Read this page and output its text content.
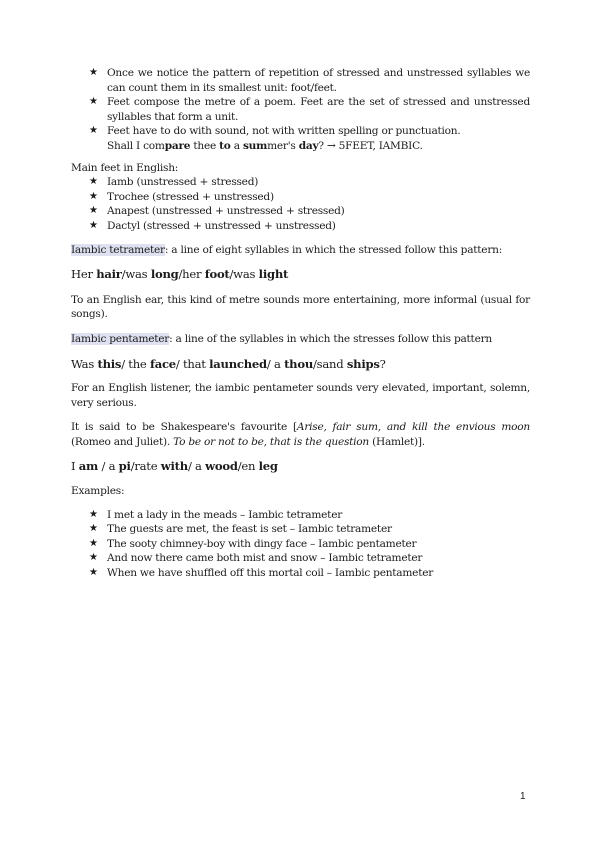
★ Once we notice the pattern of repetition of stressed and unstressed syllables we can count them in its smallest unit: foot/feet.
★ Feet compose the metre of a poem. Feet are the set of stressed and unstressed syllables that form a unit.
★ Feet have to do with sound, not with written spelling or punctuation.
Shall I compare thee to a summer's day? → 5FEET, IAMBIC.

Main feet in English:

★ Iamb (unstressed + stressed)
★ Trochee (stressed + unstressed)
★ Anapest (unstressed + unstressed + stressed)
★ Dactyl (stressed + unstressed + unstressed)

Iambic tetrameter: a line of eight syllables in which the stressed follow this pattern:

Her hair/was long/her foot/was light

To an English ear, this kind of metre sounds more entertaining, more informal (usual for songs).

Iambic pentameter: a line of the syllables in which the stresses follow this pattern

Was this/ the face/ that launched/ a thou/sand ships?

For an English listener, the iambic pentameter sounds very elevated, important, solemn, very serious.

It is said to be Shakespeare's favourite [Arise, fair sum, and kill the envious moon (Romeo and Juliet). To be or not to be, that is the question (Hamlet)].

I am / a pi/rate with/ a wood/en leg

Examples:

★ I met a lady in the meads – Iambic tetrameter
★ The guests are met, the feast is set – Iambic tetrameter
★ The sooty chimney-boy with dingy face – Iambic pentameter
★ And now there came both mist and snow – Iambic tetrameter
★ When we have shuffled off this mortal coil – Iambic pentameter
1
